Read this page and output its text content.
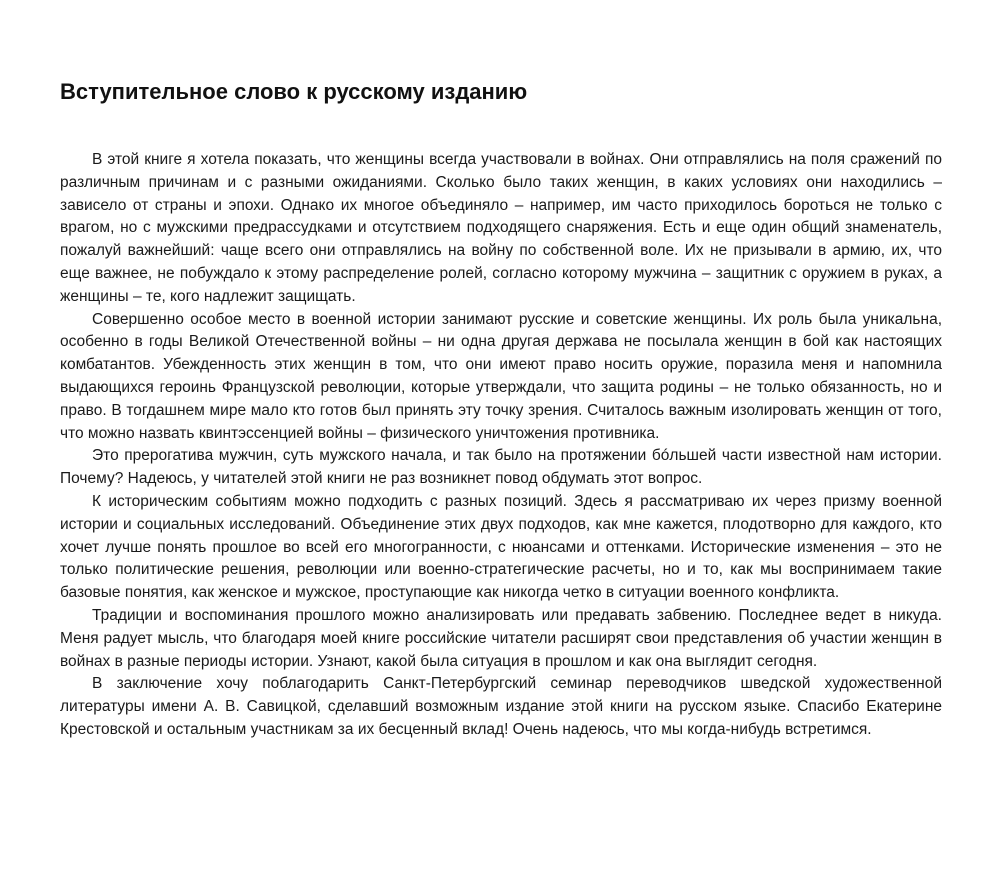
Вступительное слово к русскому изданию

В этой книге я хотела показать, что женщины всегда участвовали в войнах. Они отправлялись на поля сражений по различным причинам и с разными ожиданиями. Сколько было таких женщин, в каких условиях они находились – зависело от страны и эпохи. Однако их многое объединяло – например, им часто приходилось бороться не только с врагом, но с мужскими предрассудками и отсутствием подходящего снаряжения. Есть и еще один общий знаменатель, пожалуй важнейший: чаще всего они отправлялись на войну по собственной воле. Их не призывали в армию, их, что еще важнее, не побуждало к этому распределение ролей, согласно которому мужчина – защитник с оружием в руках, а женщины – те, кого надлежит защищать.

Совершенно особое место в военной истории занимают русские и советские женщины. Их роль была уникальна, особенно в годы Великой Отечественной войны – ни одна другая держава не посылала женщин в бой как настоящих комбатантов. Убежденность этих женщин в том, что они имеют право носить оружие, поразила меня и напомнила выдающихся героинь Французской революции, которые утверждали, что защита родины – не только обязанность, но и право. В тогдашнем мире мало кто готов был принять эту точку зрения. Считалось важным изолировать женщин от того, что можно назвать квинтэссенцией войны – физического уничтожения противника.

Это прерогатива мужчин, суть мужского начала, и так было на протяжении бóльшей части известной нам истории. Почему? Надеюсь, у читателей этой книги не раз возникнет повод обдумать этот вопрос.

К историческим событиям можно подходить с разных позиций. Здесь я рассматриваю их через призму военной истории и социальных исследований. Объединение этих двух подходов, как мне кажется, плодотворно для каждого, кто хочет лучше понять прошлое во всей его многогранности, с нюансами и оттенками. Исторические изменения – это не только политические решения, революции или военно-стратегические расчеты, но и то, как мы воспринимаем такие базовые понятия, как женское и мужское, проступающие как никогда четко в ситуации военного конфликта.

Традиции и воспоминания прошлого можно анализировать или предавать забвению. Последнее ведет в никуда. Меня радует мысль, что благодаря моей книге российские читатели расширят свои представления об участии женщин в войнах в разные периоды истории. Узнают, какой была ситуация в прошлом и как она выглядит сегодня.

В заключение хочу поблагодарить Санкт-Петербургский семинар переводчиков шведской художественной литературы имени А. В. Савицкой, сделавший возможным издание этой книги на русском языке. Спасибо Екатерине Крестовской и остальным участникам за их бесценный вклад! Очень надеюсь, что мы когда-нибудь встретимся.
